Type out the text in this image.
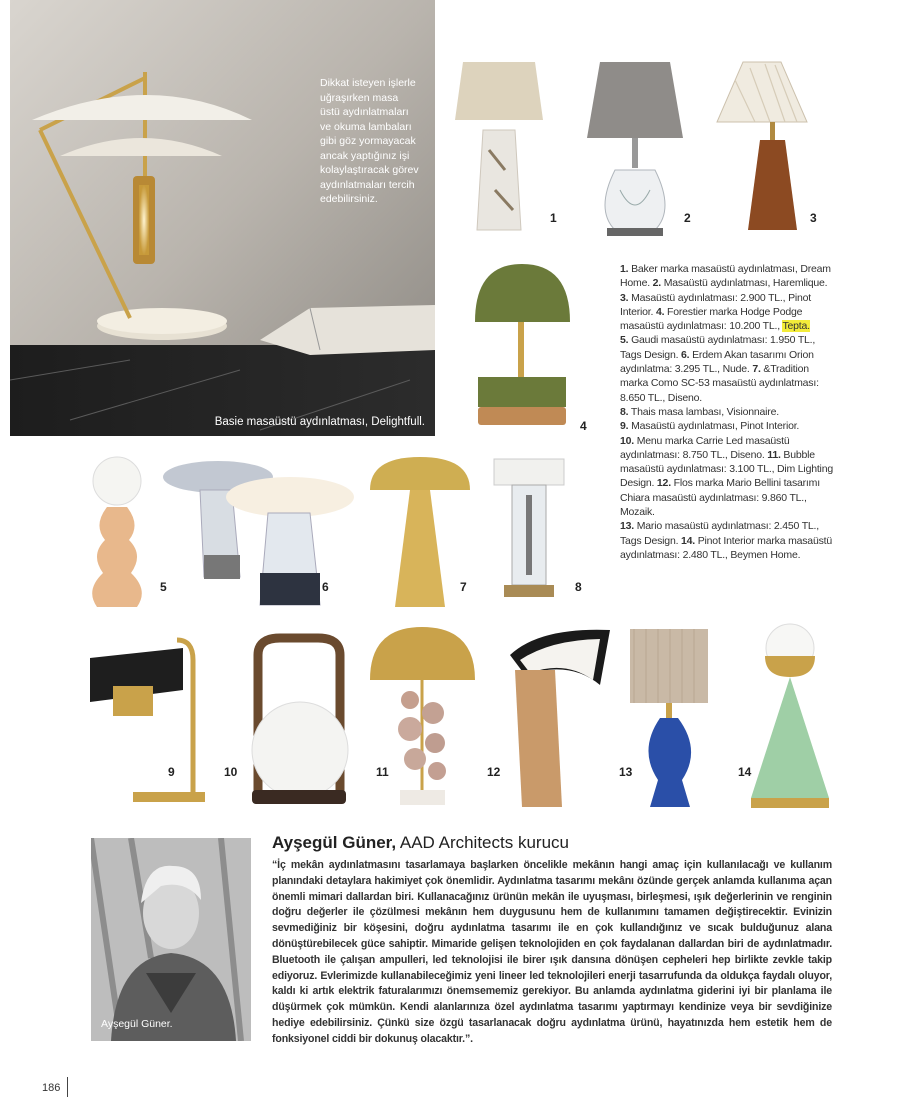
Dikkat isteyen işlerle uğraşırken masa üstü aydınlatmaları ve okuma lambaları gibi göz yormayacak ancak yaptığınız işi kolaylaştıracak görev aydınlatmaları tercih edebilirsiniz.
Basie masaüstü aydınlatması, Delightfull.
1	2	3
4
1. Baker marka masaüstü aydınlatması, Dream Home. 2. Masaüstü aydınlatması, Haremlique. 3. Masaüstü aydınlatması: 2.900 TL., Pinot Interior. 4. Forestier marka Hodge Podge masaüstü aydınlatması: 10.200 TL., Tepta.
5. Gaudi masaüstü aydınlatması: 1.950 TL., Tags Design. 6. Erdem Akan tasarımı Orion aydınlatma: 3.295 TL., Nude. 7. &Tradition marka Como SC-53 masaüstü aydınlatması: 8.650 TL., Diseno.
8. Thais masa lambası, Visionnaire.
9. Masaüstü aydınlatması, Pinot Interior.
10. Menu marka Carrie Led masaüstü aydınlatması: 8.750 TL., Diseno. 11. Bubble masaüstü aydınlatması: 3.100 TL., Dim Lighting Design. 12. Flos marka Mario Bellini tasarımı Chiara masaüstü aydınlatması: 9.860 TL., Mozaik.
13. Mario masaüstü aydınlatması: 2.450 TL., Tags Design. 14. Pinot Interior marka masaüstü aydınlatması: 2.480 TL., Beymen Home.
5	6	7	8
9	10	11	12	13	14
Ayşegül Güner.
Ayşegül Güner, AAD Architects kurucu
“İç mekân aydınlatmasını tasarlamaya başlarken öncelikle mekânın hangi amaç için kullanılacağı ve kullanım planındaki detaylara hakimiyet çok önemlidir. Aydınlatma tasarımı mekânı özünde gerçek anlamda kullanıma açan önemli mimari dallardan biri. Kullanacağınız ürünün mekân ile uyuşması, birleşmesi, ışık değerlerinin ve renginin doğru değerler ile çözülmesi mekânın hem duygusunu hem de kullanımını tamamen değiştirecektir. Evinizin sevmediğiniz bir köşesini, doğru aydınlatma tasarımı ile en çok kullandığınız ve sıcak bulduğunuz alana dönüştürebilecek güce sahiptir. Mimaride gelişen teknolojiden en çok faydalanan dallardan biri de aydınlatmadır. Bluetooth ile çalışan ampulleri, led teknolojisi ile birer ışık dansına dönüşen cepheleri hep birlikte zevkle takip ediyoruz. Evlerimizde kullanabileceğimiz yeni lineer led teknolojileri enerji tasarrufunda da oldukça faydalı oluyor, kaldı ki artık elektrik faturalarımızı önemsememiz gerekiyor. Bu anlamda aydınlatma giderini iyi bir planlama ile düşürmek çok mümkün. Kendi alanlarınıza özel aydınlatma tasarımı yaptırmayı kendinize veya bir sevdiğinize hediye edebilirsiniz. Çünkü size özgü tasarlanacak doğru aydınlatma ürünü, hayatınızda hem estetik hem de fonksiyonel ciddi bir dokunuş olacaktır.”.
186
